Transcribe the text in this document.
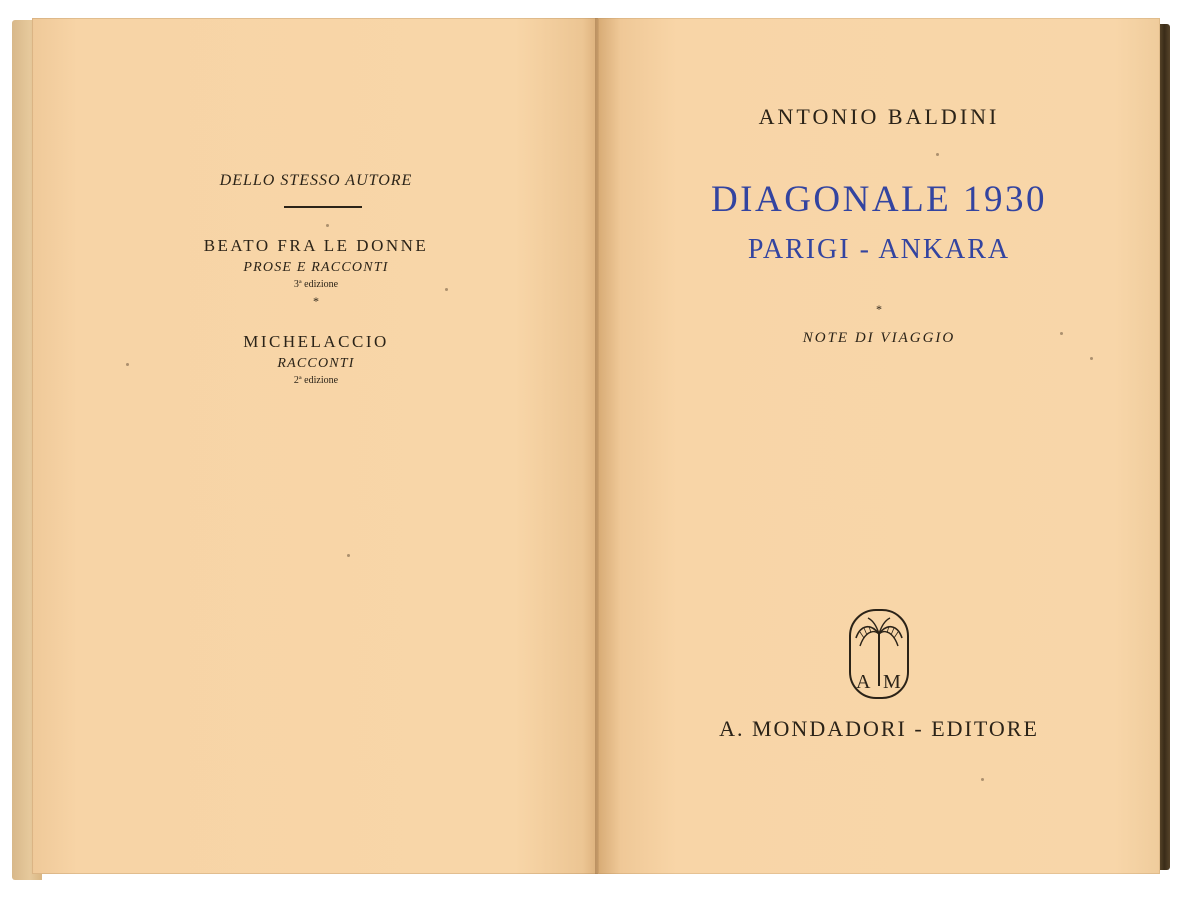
DELLO STESSO AUTORE
BEATO FRA LE DONNE
PROSE E RACCONTI
3ª edizione
*
MICHELACCIO
RACCONTI
2ª edizione
ANTONIO BALDINI
DIAGONALE 1930
PARIGI - ANKARA
*
NOTE DI VIAGGIO
A M
A. MONDADORI - EDITORE
